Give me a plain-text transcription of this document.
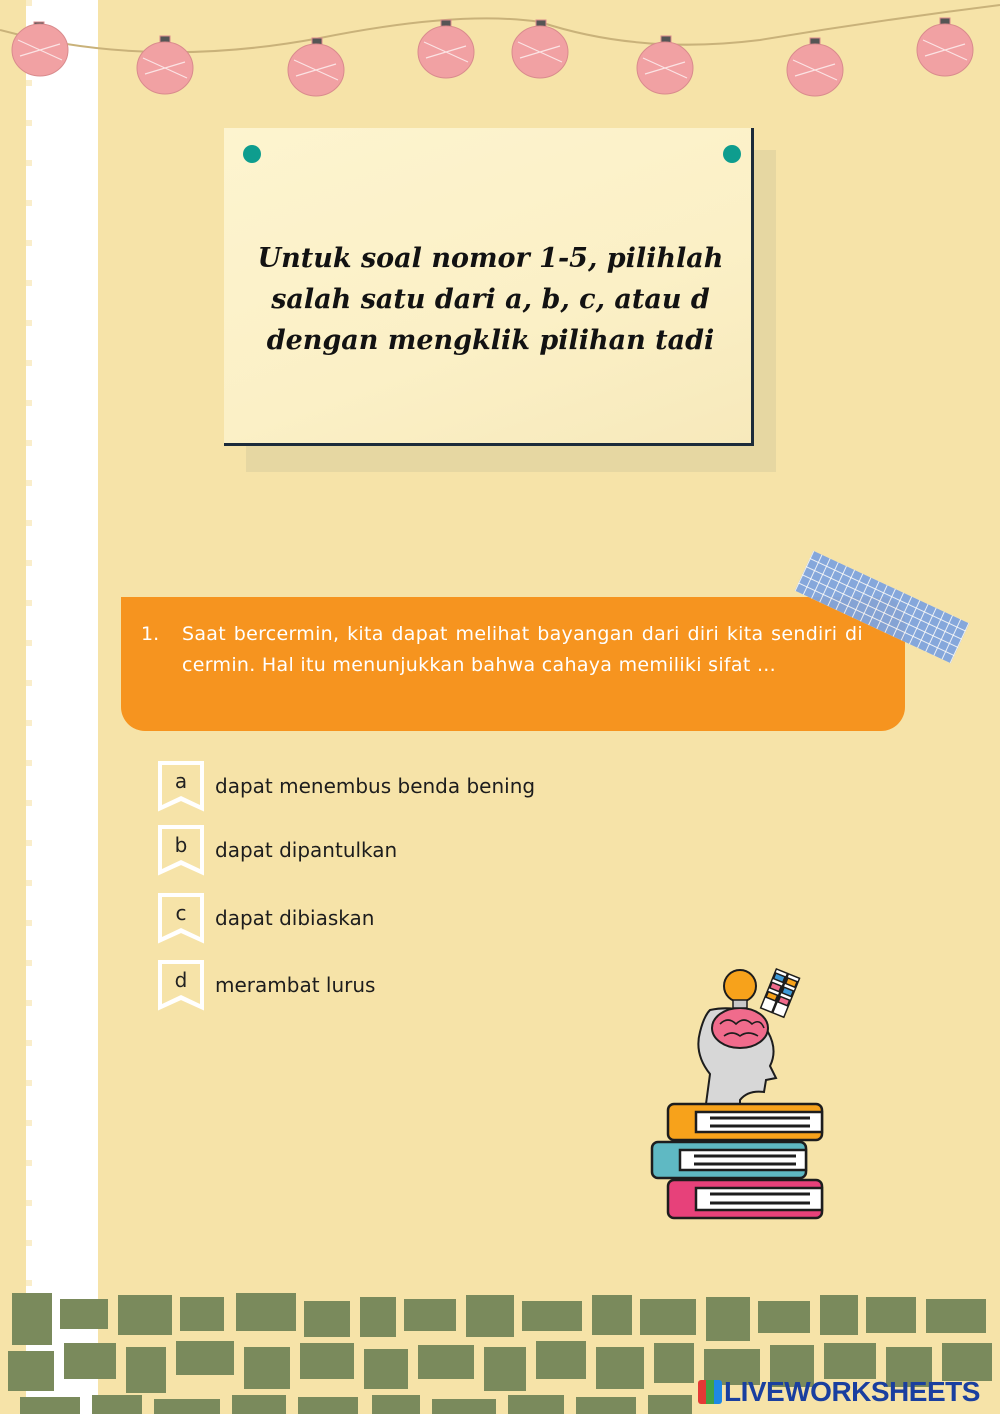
Untuk soal nomor 1-5, pilihlah
salah satu dari a, b, c, atau d
dengan mengklik pilihan tadi
1. Saat bercermin, kita dapat melihat bayangan dari diri kita sendiri di cermin. Hal itu menunjukkan bahwa cahaya memiliki sifat ...
a	dapat menembus benda bening
b	dapat dipantulkan
c	dapat dibiaskan
d	merambat lurus
LIVEWORKSHEETS
